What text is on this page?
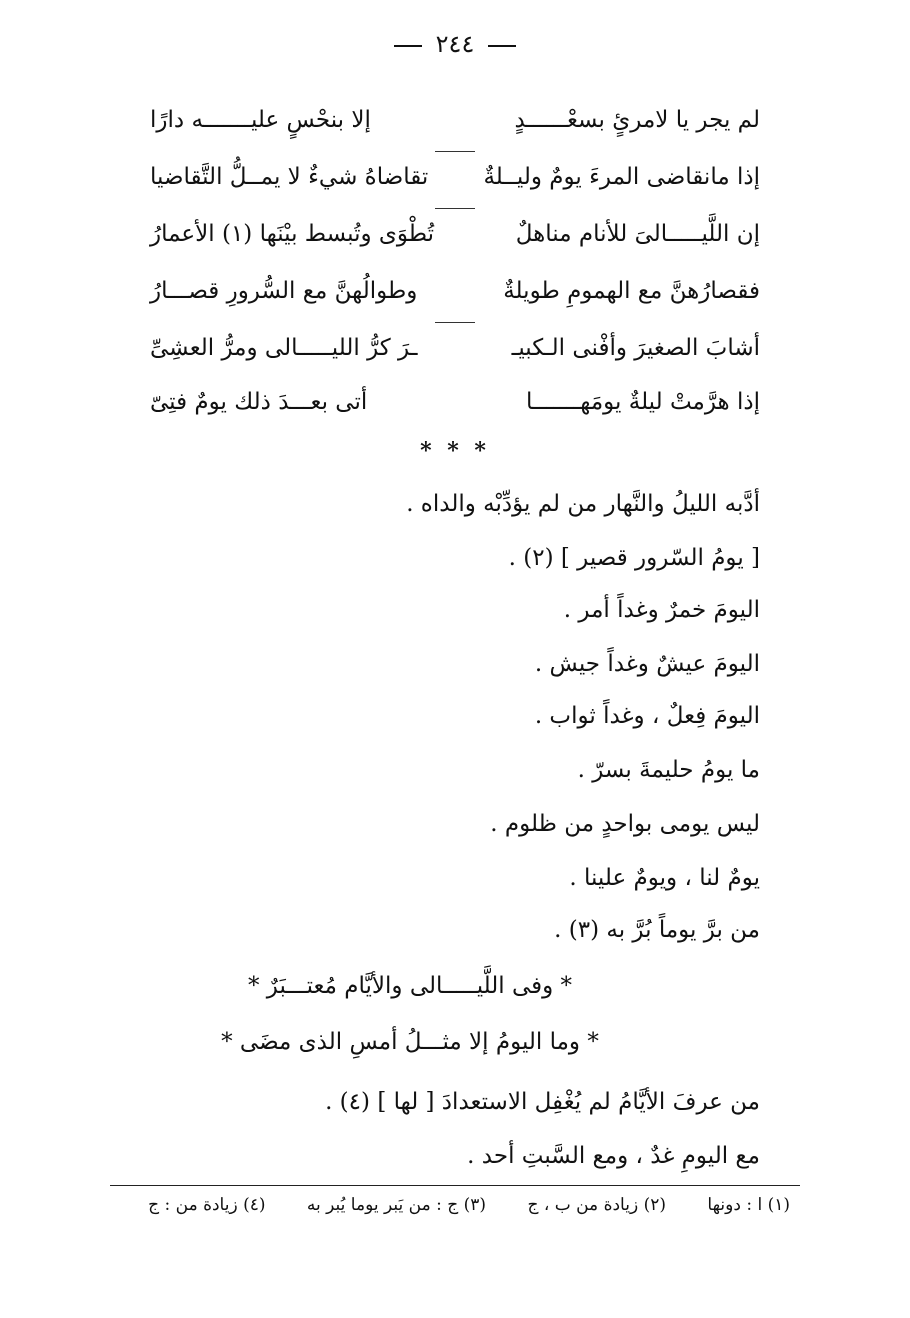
٢٤٤
لم يجر يا لامرئٍ بسعْــــــدٍ
إلا بنحْسٍ عليـــــــه دارًا
إذا مانقاضى المرءَ يومٌ وليــلةٌ
تقاضاهُ شيءٌ لا يمــلُّ التَّقاضيا
إن اللَّيـــــالىَ للأنام مناهلٌ
تُطْوَى وتُبسط بيْنَها (١) الأعمارُ
فقصارُهنَّ مع الهمومِ طويلةٌ
وطوالُهنَّ مع السُّرورِ قصـــارُ
أشابَ الصغيرَ وأفْنى الـكبيـ
ـرَ كرُّ الليـــــالى ومرُّ العشِىِّ
إذا هرَّمتْ ليلةٌ يومَهـــــــا
أتى بعـــدَ ذلك يومٌ فتِىّ
* * *
أدَّبه الليلُ والنَّهار من لم يؤدِّبْه والداه .
[ يومُ السّرور قصير ] (٢) .
اليومَ خمرٌ وغداً أمر .
اليومَ عيشٌ وغداً جيش .
اليومَ فِعلٌ ، وغداً ثواب .
ما يومُ حليمةَ بسرّ .
ليس يومى بواحدٍ من ظلوم .
يومٌ لنا ، ويومٌ علينا .
من برَّ يوماً بُرَّ به (٣) .
* وفى اللَّيـــــالى والأيَّام مُعتـــبَرٌ *
* وما اليومُ إلا مثـــلُ أمسِ الذى مضَى *
من عرفَ الأيَّامُ لم يُغْفِل الاستعدادَ [ لها ] (٤) .
مع اليومِ غدٌ ، ومع السَّبتِ أحد .
(١) ا : دونها (٢) زيادة من ب ، ج (٣) ج : من يَبر يوما يُبر به (٤) زيادة من : ج
